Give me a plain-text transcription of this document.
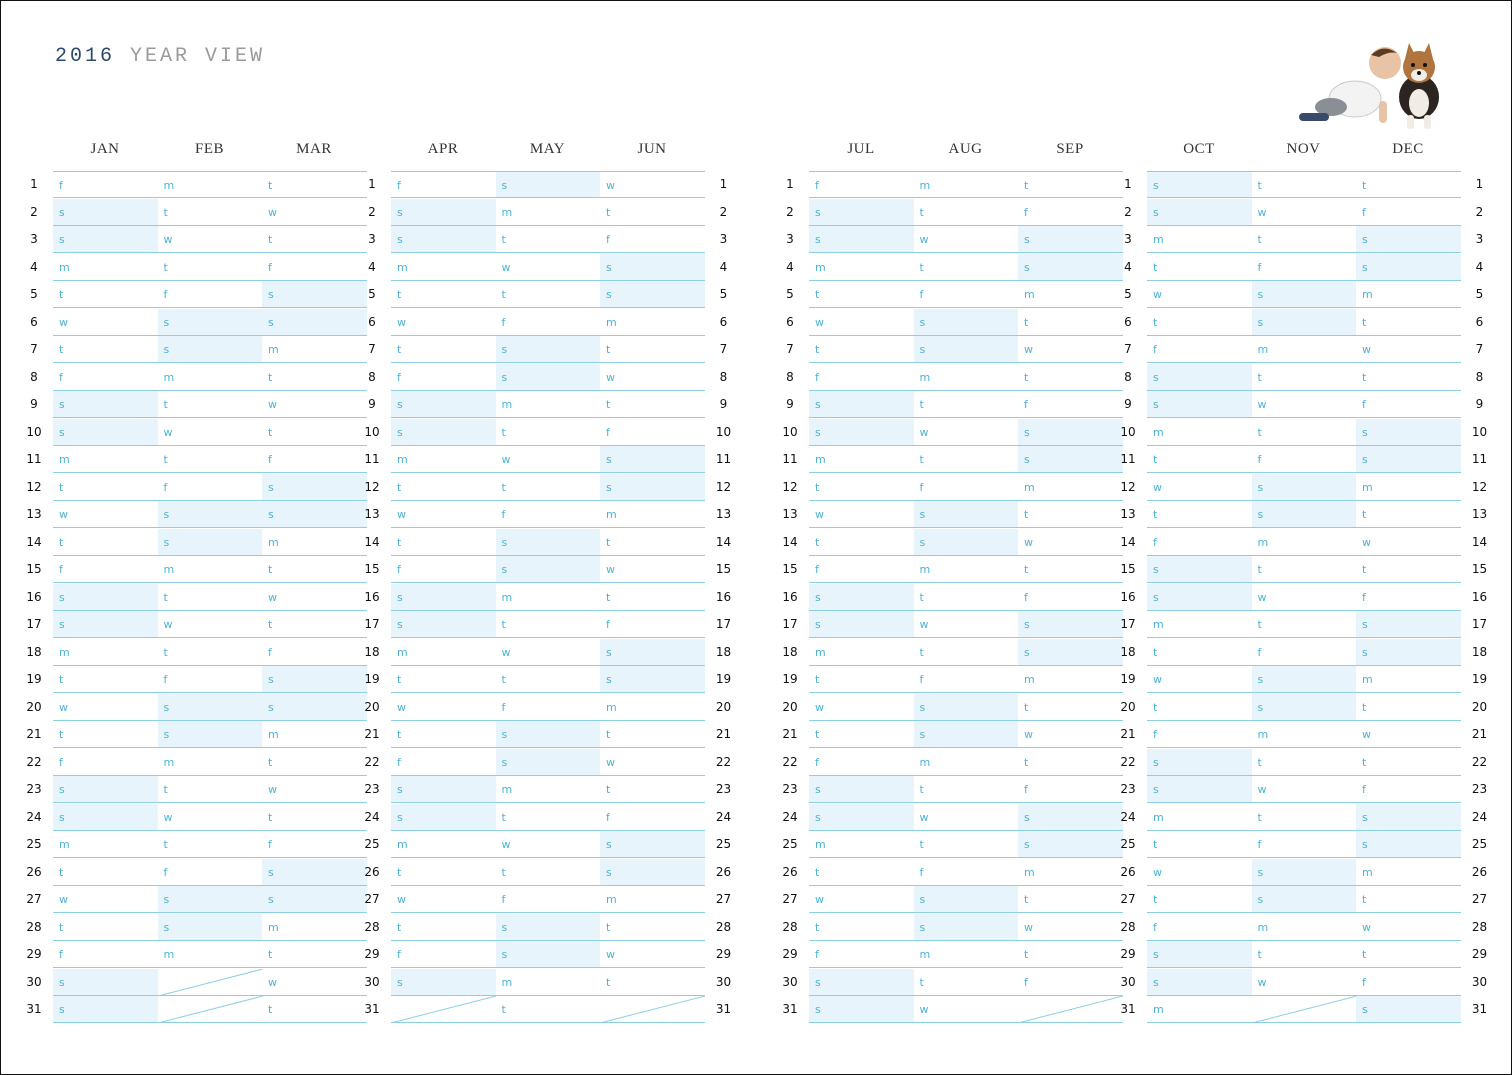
2016 YEAR VIEW
1
2
3
4
5
6
7
8
9
10
11
12
13
14
15
16
17
18
19
20
21
22
23
24
25
26
27
28
29
30
31
JAN
f
s
s
m
t
w
t
f
s
s
m
t
w
t
f
s
s
m
t
w
t
f
s
s
m
t
w
t
f
s
s
FEB
m
t
w
t
f
s
s
m
t
w
t
f
s
s
m
t
w
t
f
s
s
m
t
w
t
f
s
s
m
MAR
t
w
t
f
s
s
m
t
w
t
f
s
s
m
t
w
t
f
s
s
m
t
w
t
f
s
s
m
t
w
t
1
2
3
4
5
6
7
8
9
10
11
12
13
14
15
16
17
18
19
20
21
22
23
24
25
26
27
28
29
30
31
APR
f
s
s
m
t
w
t
f
s
s
m
t
w
t
f
s
s
m
t
w
t
f
s
s
m
t
w
t
f
s
MAY
s
m
t
w
t
f
s
s
m
t
w
t
f
s
s
m
t
w
t
f
s
s
m
t
w
t
f
s
s
m
t
JUN
w
t
f
s
s
m
t
w
t
f
s
s
m
t
w
t
f
s
s
m
t
w
t
f
s
s
m
t
w
t
1
2
3
4
5
6
7
8
9
10
11
12
13
14
15
16
17
18
19
20
21
22
23
24
25
26
27
28
29
30
31
1
2
3
4
5
6
7
8
9
10
11
12
13
14
15
16
17
18
19
20
21
22
23
24
25
26
27
28
29
30
31
JUL
f
s
s
m
t
w
t
f
s
s
m
t
w
t
f
s
s
m
t
w
t
f
s
s
m
t
w
t
f
s
s
AUG
m
t
w
t
f
s
s
m
t
w
t
f
s
s
m
t
w
t
f
s
s
m
t
w
t
f
s
s
m
t
w
SEP
t
f
s
s
m
t
w
t
f
s
s
m
t
w
t
f
s
s
m
t
w
t
f
s
s
m
t
w
t
f
1
2
3
4
5
6
7
8
9
10
11
12
13
14
15
16
17
18
19
20
21
22
23
24
25
26
27
28
29
30
31
OCT
s
s
m
t
w
t
f
s
s
m
t
w
t
f
s
s
m
t
w
t
f
s
s
m
t
w
t
f
s
s
m
NOV
t
w
t
f
s
s
m
t
w
t
f
s
s
m
t
w
t
f
s
s
m
t
w
t
f
s
s
m
t
w
DEC
t
f
s
s
m
t
w
t
f
s
s
m
t
w
t
f
s
s
m
t
w
t
f
s
s
m
t
w
t
f
s
1
2
3
4
5
6
7
8
9
10
11
12
13
14
15
16
17
18
19
20
21
22
23
24
25
26
27
28
29
30
31
